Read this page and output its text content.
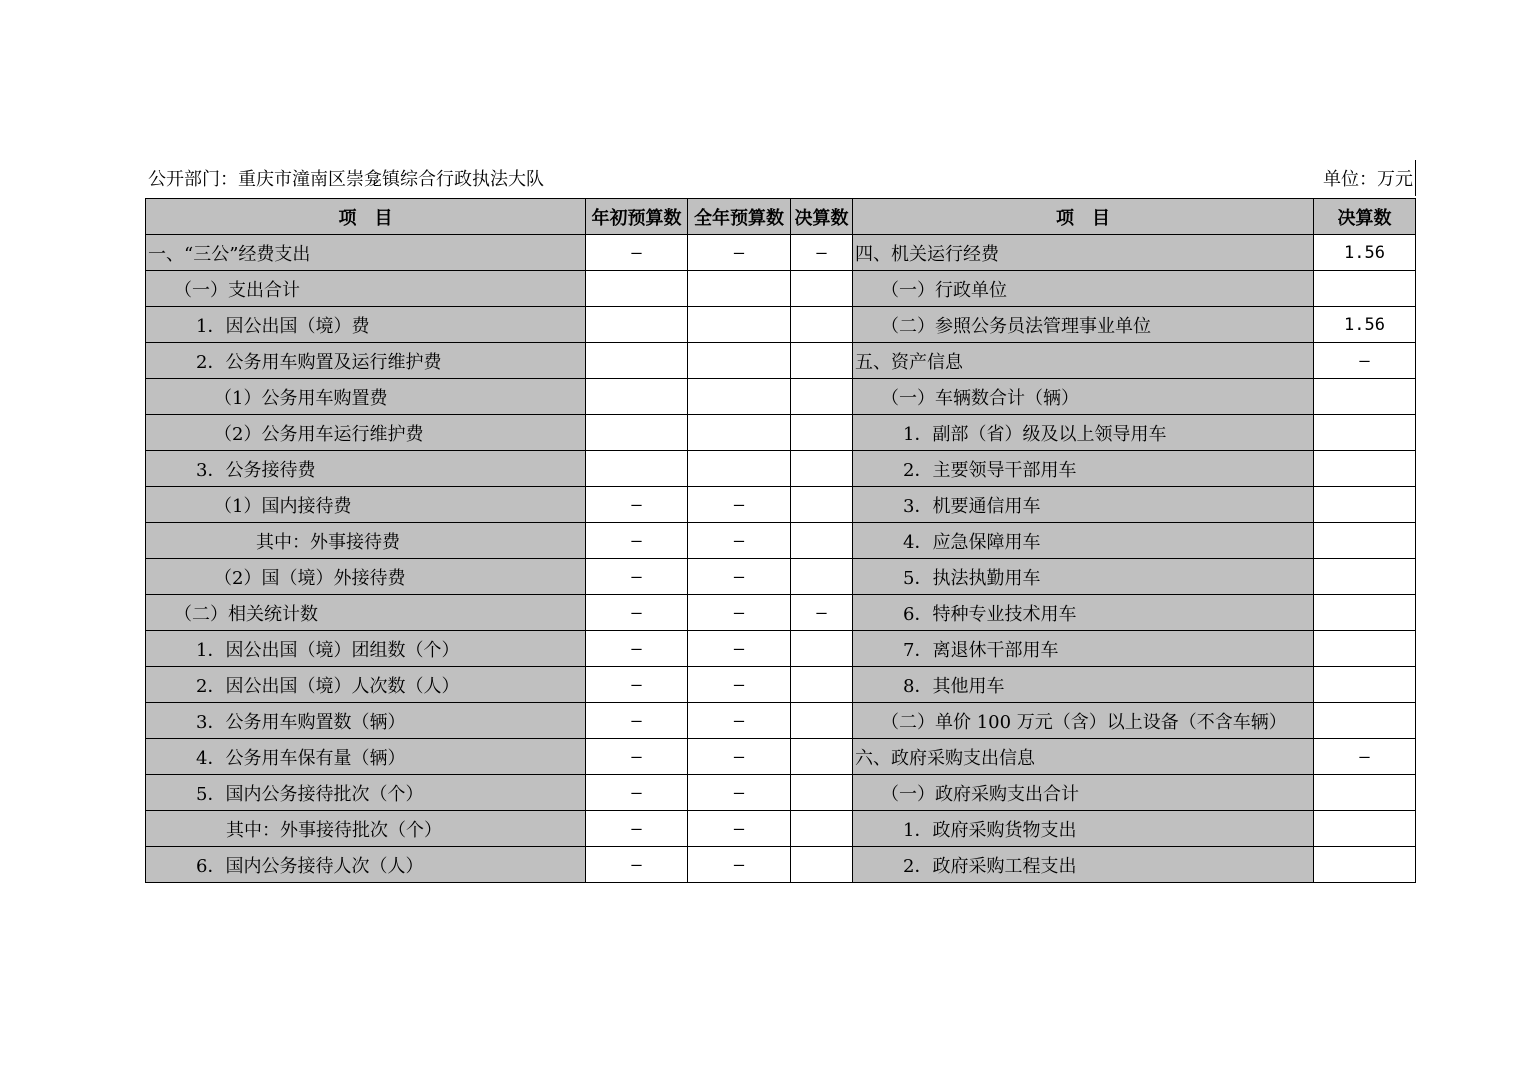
公开部门：重庆市潼南区崇龛镇综合行政执法大队	单位：万元
项　目	年初预算数	全年预算数	决算数	项　目	决算数
一、“三公”经费支出	—	—	—	四、机关运行经费	1.56
（一）支出合计				（一）行政单位	
1．因公出国（境）费				（二）参照公务员法管理事业单位	1.56
2．公务用车购置及运行维护费				五、资产信息	—
（1）公务用车购置费				（一）车辆数合计（辆）	
（2）公务用车运行维护费				1．副部（省）级及以上领导用车	
3．公务接待费				2．主要领导干部用车	
（1）国内接待费	—	—		3．机要通信用车	
其中：外事接待费	—	—		4．应急保障用车	
（2）国（境）外接待费	—	—		5．执法执勤用车	
（二）相关统计数	—	—	—	6．特种专业技术用车	
1．因公出国（境）团组数（个）	—	—		7．离退休干部用车	
2．因公出国（境）人次数（人）	—	—		8．其他用车	
3．公务用车购置数（辆）	—	—		（二）单价 100 万元（含）以上设备（不含车辆）	
4．公务用车保有量（辆）	—	—		六、政府采购支出信息	—
5．国内公务接待批次（个）	—	—		（一）政府采购支出合计	
其中：外事接待批次（个）	—	—		1．政府采购货物支出	
6．国内公务接待人次（人）	—	—		2．政府采购工程支出	
